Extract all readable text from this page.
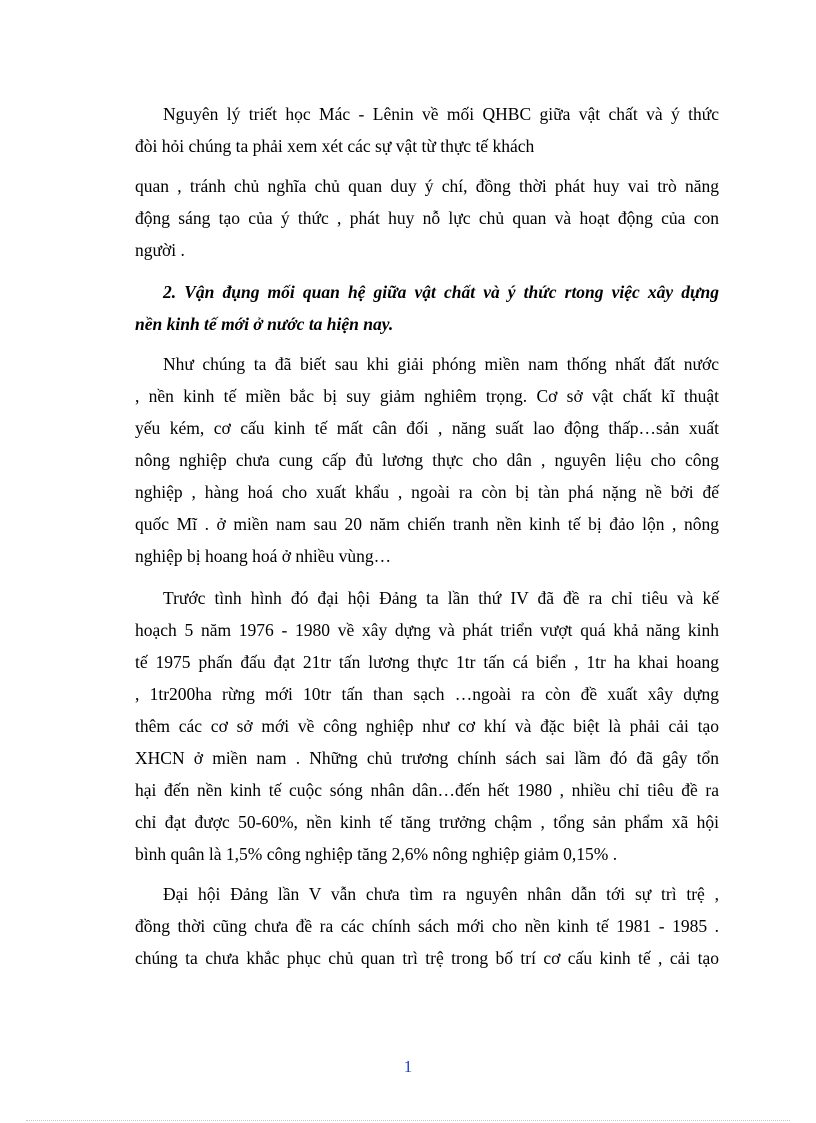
Nguyên lý triết học Mác - Lênin về mối QHBC giữa vật chất và ý thức
đòi hỏi chúng ta phải xem xét các sự vật từ thực tế khách
quan , tránh chủ nghĩa chủ quan duy ý chí, đồng thời phát huy vai trò năng
động sáng tạo của ý thức , phát huy nỗ lực chủ quan và hoạt động của con
người .
2. Vận đụng mối quan hệ giữa vật chất và ý thức rtong việc xây dựng
nền kinh tế mới ở nước ta hiện nay.
Như chúng ta đã biết sau khi giải phóng miền nam thống nhất đất nước
, nền kinh tế miền bắc bị suy giảm nghiêm trọng. Cơ sở vật chất kĩ thuật
yếu kém, cơ cấu kinh tế mất cân đối , năng suất lao động thấp…sản xuất
nông nghiệp chưa cung cấp đủ lương thực cho dân , nguyên liệu cho công
nghiệp , hàng hoá cho xuất khẩu , ngoài ra còn bị tàn phá nặng nề bởi đế
quốc Mĩ . ở miền nam sau 20 năm chiến tranh nền kinh tế bị đảo lộn , nông
nghiệp bị hoang hoá ở nhiều vùng…
Trước tình hình đó đại hội Đảng ta lần thứ IV đã đề ra chỉ tiêu và kế
hoạch 5 năm 1976 - 1980 về xây dựng và phát triển vượt quá khả năng kinh
tế 1975 phấn đấu đạt 21tr tấn lương thực 1tr tấn cá biển , 1tr ha khai hoang
, 1tr200ha rừng mới 10tr tấn than sạch …ngoài ra còn đề xuất xây dựng
thêm các cơ sở mới về công nghiệp như cơ khí và đặc biệt là phải cải tạo
XHCN ở miền nam . Những chủ trương chính sách sai lầm đó đã gây tổn
hại đến nền kinh tế cuộc sóng nhân dân…đến hết 1980 , nhiều chỉ tiêu đề ra
chỉ đạt được 50-60%, nền kinh tế tăng trưởng chậm , tổng sản phẩm xã hội
bình quân là 1,5% công nghiệp tăng 2,6% nông nghiệp giảm 0,15% .
Đại hội Đảng lần V vẫn chưa tìm ra nguyên nhân dẫn tới sự trì trệ ,
đồng thời cũng chưa đề ra các chính sách mới cho nền kinh tế 1981 - 1985 .
chúng ta chưa khắc phục chủ quan trì trệ trong bố trí cơ cấu kinh tế , cải tạo
1
